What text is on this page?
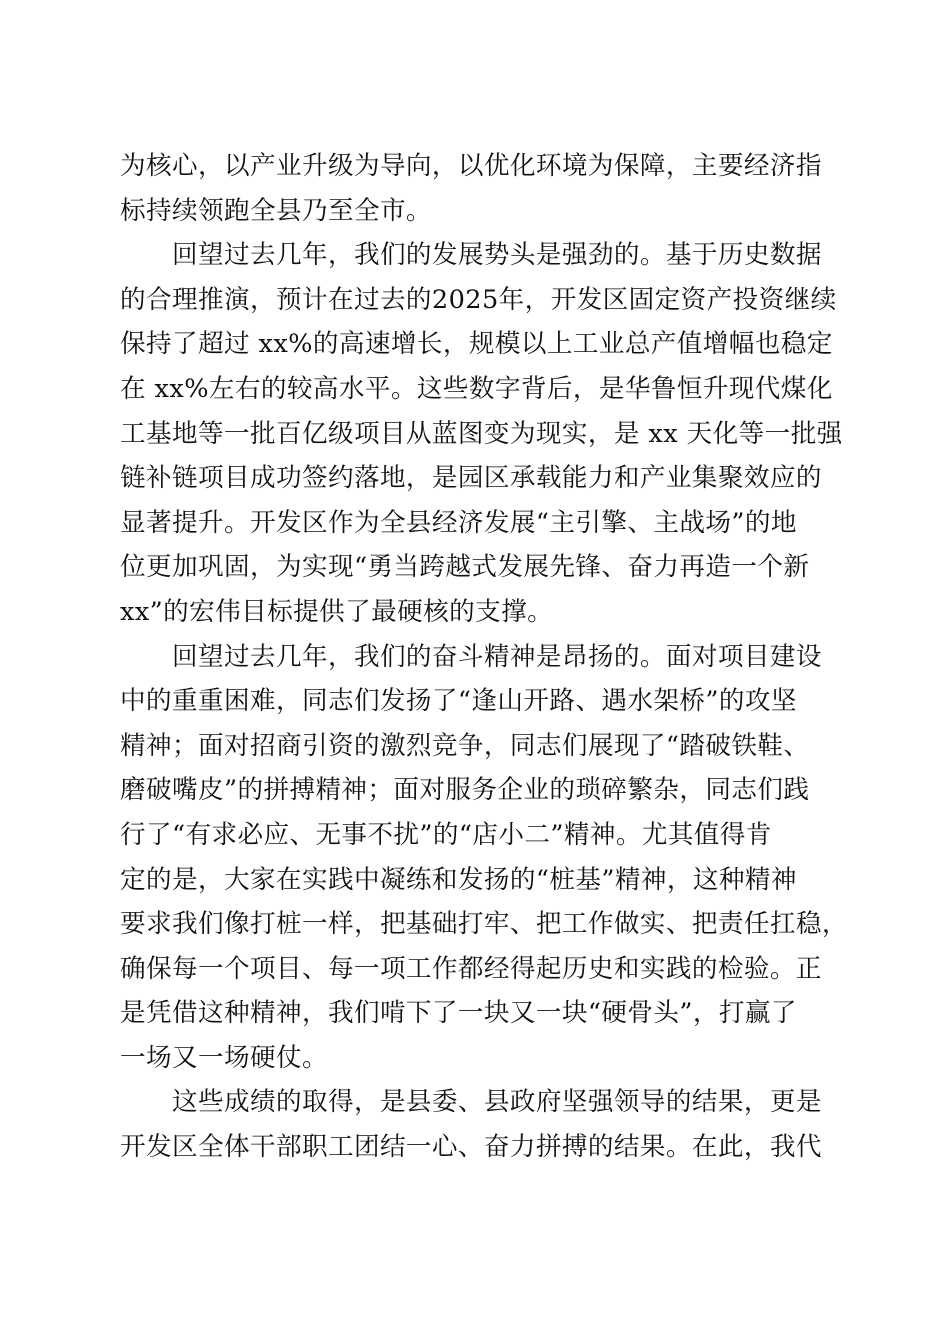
为核心，以产业升级为导向，以优化环境为保障，主要经济指
标持续领跑全县乃至全市。
　　回望过去几年，我们的发展势头是强劲的。基于历史数据
的合理推演，预计在过去的2025年，开发区固定资产投资继续
保持了超过 xx%的高速增长，规模以上工业总产值增幅也稳定
在 xx%左右的较高水平。这些数字背后，是华鲁恒升现代煤化
工基地等一批百亿级项目从蓝图变为现实，是 xx 天化等一批强
链补链项目成功签约落地，是园区承载能力和产业集聚效应的
显著提升。开发区作为全县经济发展“主引擎、主战场”的地
位更加巩固，为实现“勇当跨越式发展先锋、奋力再造一个新
xx”的宏伟目标提供了最硬核的支撑。
　　回望过去几年，我们的奋斗精神是昂扬的。面对项目建设
中的重重困难，同志们发扬了“逢山开路、遇水架桥”的攻坚
精神；面对招商引资的激烈竞争，同志们展现了“踏破铁鞋、
磨破嘴皮”的拼搏精神；面对服务企业的琐碎繁杂，同志们践
行了“有求必应、无事不扰”的“店小二”精神。尤其值得肯
定的是，大家在实践中凝练和发扬的“桩基”精神，这种精神
要求我们像打桩一样，把基础打牢、把工作做实、把责任扛稳，
确保每一个项目、每一项工作都经得起历史和实践的检验。正
是凭借这种精神，我们啃下了一块又一块“硬骨头”，打赢了
一场又一场硬仗。
　　这些成绩的取得，是县委、县政府坚强领导的结果，更是
开发区全体干部职工团结一心、奋力拼搏的结果。在此，我代
